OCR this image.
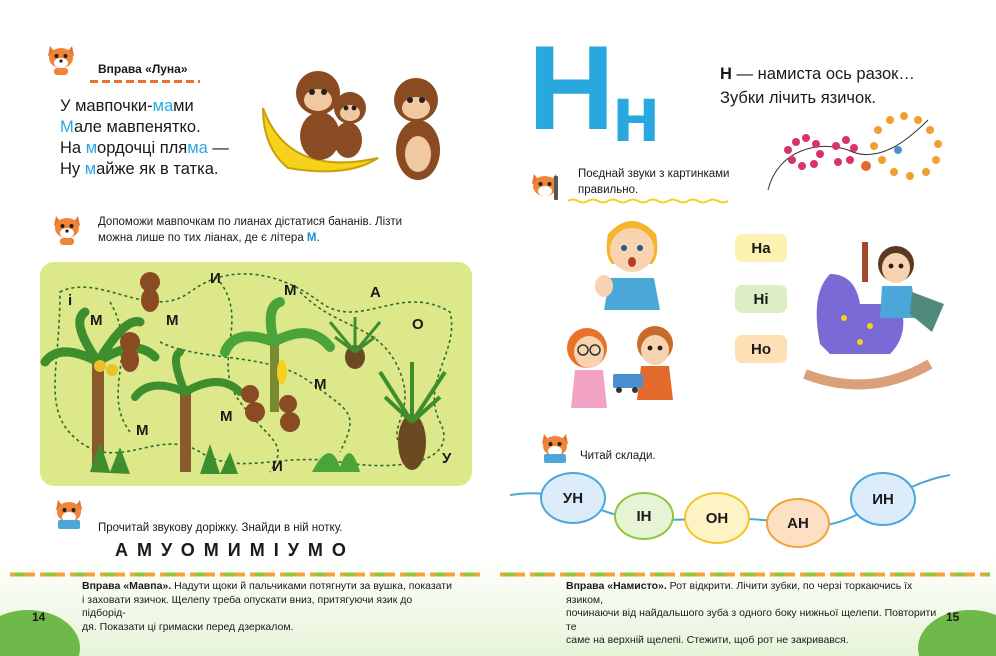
Вправа «Луна»
У мавпочки-мами
Мале мавпенятко.
На мордочці пляма —
Ну майже як в татка.
Допоможи мавпочкам по лианах дістатися бананів. Лізти
можна лише по тих ліанах, де є літера М.
і
М	М
И
М	А
О
М
М
М
И	У
Прочитай звукову доріжку. Знайди в ній нотку.
АМУОМИМІУМО
Вправа «Мавпа». Надути щоки й пальчиками потягнути за вушка, показати
і заховати язичок. Щелепу треба опускати вниз, притягуючи язик до підборід-
дя. Показати ці гримаски перед дзеркалом.
14
Н
н	Н — намиста ось разок…
Зубки лічить язичок.
Поєднай звуки з картинками
правильно.
На
Ні
Но
Читай склади.
УН
ІН	ОН	АН
ИН
Вправа «Намисто». Рот відкрити. Лічити зубки, по черзі торкаючись їх язиком,
починаючи від найдальшого зуба з одного боку нижньої щелепи. Повторити те
саме на верхній щелепі. Стежити, щоб рот не закривався.
15
